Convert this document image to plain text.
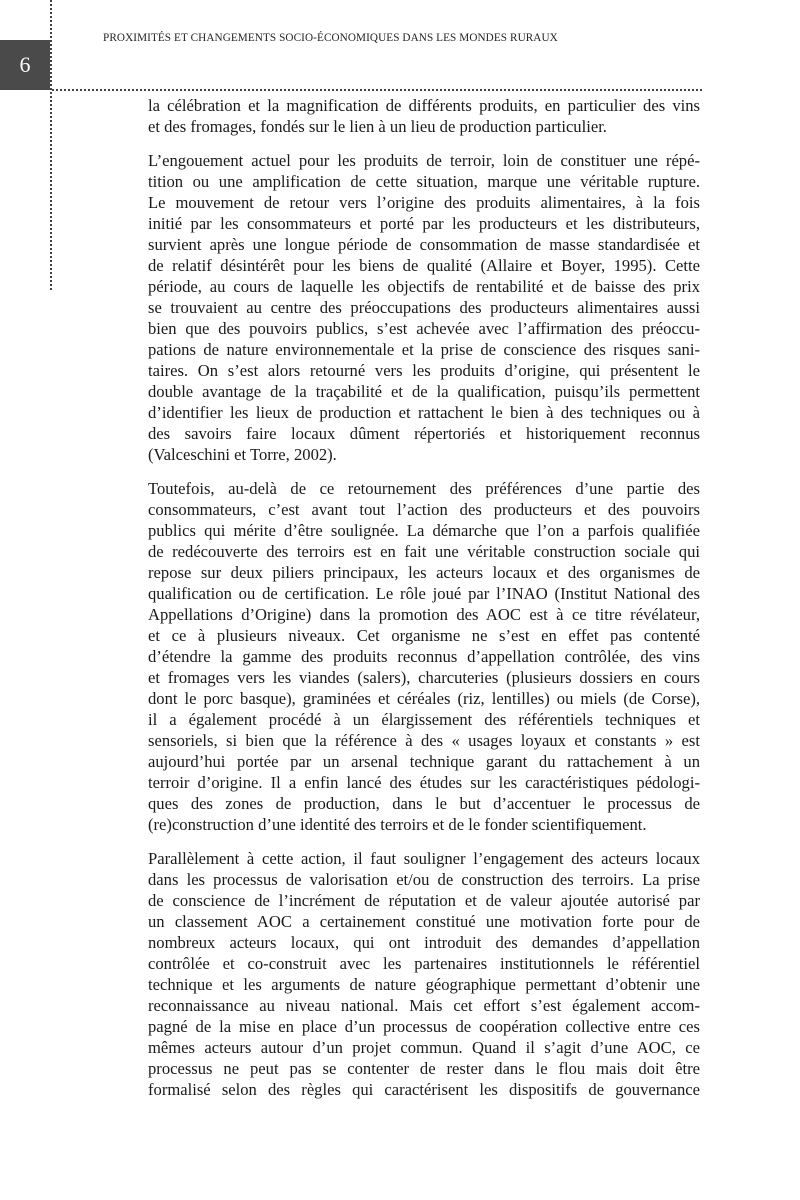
6
PROXIMITÉS ET CHANGEMENTS SOCIO-ÉCONOMIQUES DANS LES MONDES RURAUX
la célébration et la magnification de différents produits, en particulier des vins
et des fromages, fondés sur le lien à un lieu de production particulier.
L’engouement actuel pour les produits de terroir, loin de constituer une répé-
tition ou une amplification de cette situation, marque une véritable rupture.
Le mouvement de retour vers l’origine des produits alimentaires, à la fois
initié par les consommateurs et porté par les producteurs et les distributeurs,
survient après une longue période de consommation de masse standardisée et
de relatif désintérêt pour les biens de qualité (Allaire et Boyer, 1995). Cette
période, au cours de laquelle les objectifs de rentabilité et de baisse des prix
se trouvaient au centre des préoccupations des producteurs alimentaires aussi
bien que des pouvoirs publics, s’est achevée avec l’affirmation des préoccu-
pations de nature environnementale et la prise de conscience des risques sani-
taires. On s’est alors retourné vers les produits d’origine, qui présentent le
double avantage de la traçabilité et de la qualification, puisqu’ils permettent
d’identifier les lieux de production et rattachent le bien à des techniques ou à
des savoirs faire locaux dûment répertoriés et historiquement reconnus
(Valceschini et Torre, 2002).
Toutefois, au-delà de ce retournement des préférences d’une partie des
consommateurs, c’est avant tout l’action des producteurs et des pouvoirs
publics qui mérite d’être soulignée. La démarche que l’on a parfois qualifiée
de redécouverte des terroirs est en fait une véritable construction sociale qui
repose sur deux piliers principaux, les acteurs locaux et des organismes de
qualification ou de certification. Le rôle joué par l’INAO (Institut National des
Appellations d’Origine) dans la promotion des AOC est à ce titre révélateur,
et ce à plusieurs niveaux. Cet organisme ne s’est en effet pas contenté
d’étendre la gamme des produits reconnus d’appellation contrôlée, des vins
et fromages vers les viandes (salers), charcuteries (plusieurs dossiers en cours
dont le porc basque), graminées et céréales (riz, lentilles) ou miels (de Corse),
il a également procédé à un élargissement des référentiels techniques et
sensoriels, si bien que la référence à des « usages loyaux et constants » est
aujourd’hui portée par un arsenal technique garant du rattachement à un
terroir d’origine. Il a enfin lancé des études sur les caractéristiques pédologi-
ques des zones de production, dans le but d’accentuer le processus de
(re)construction d’une identité des terroirs et de le fonder scientifiquement.
Parallèlement à cette action, il faut souligner l’engagement des acteurs locaux
dans les processus de valorisation et/ou de construction des terroirs. La prise
de conscience de l’incrément de réputation et de valeur ajoutée autorisé par
un classement AOC a certainement constitué une motivation forte pour de
nombreux acteurs locaux, qui ont introduit des demandes d’appellation
contrôlée et co-construit avec les partenaires institutionnels le référentiel
technique et les arguments de nature géographique permettant d’obtenir une
reconnaissance au niveau national. Mais cet effort s’est également accom-
pagné de la mise en place d’un processus de coopération collective entre ces
mêmes acteurs autour d’un projet commun. Quand il s’agit d’une AOC, ce
processus ne peut pas se contenter de rester dans le flou mais doit être
formalisé selon des règles qui caractérisent les dispositifs de gouvernance
